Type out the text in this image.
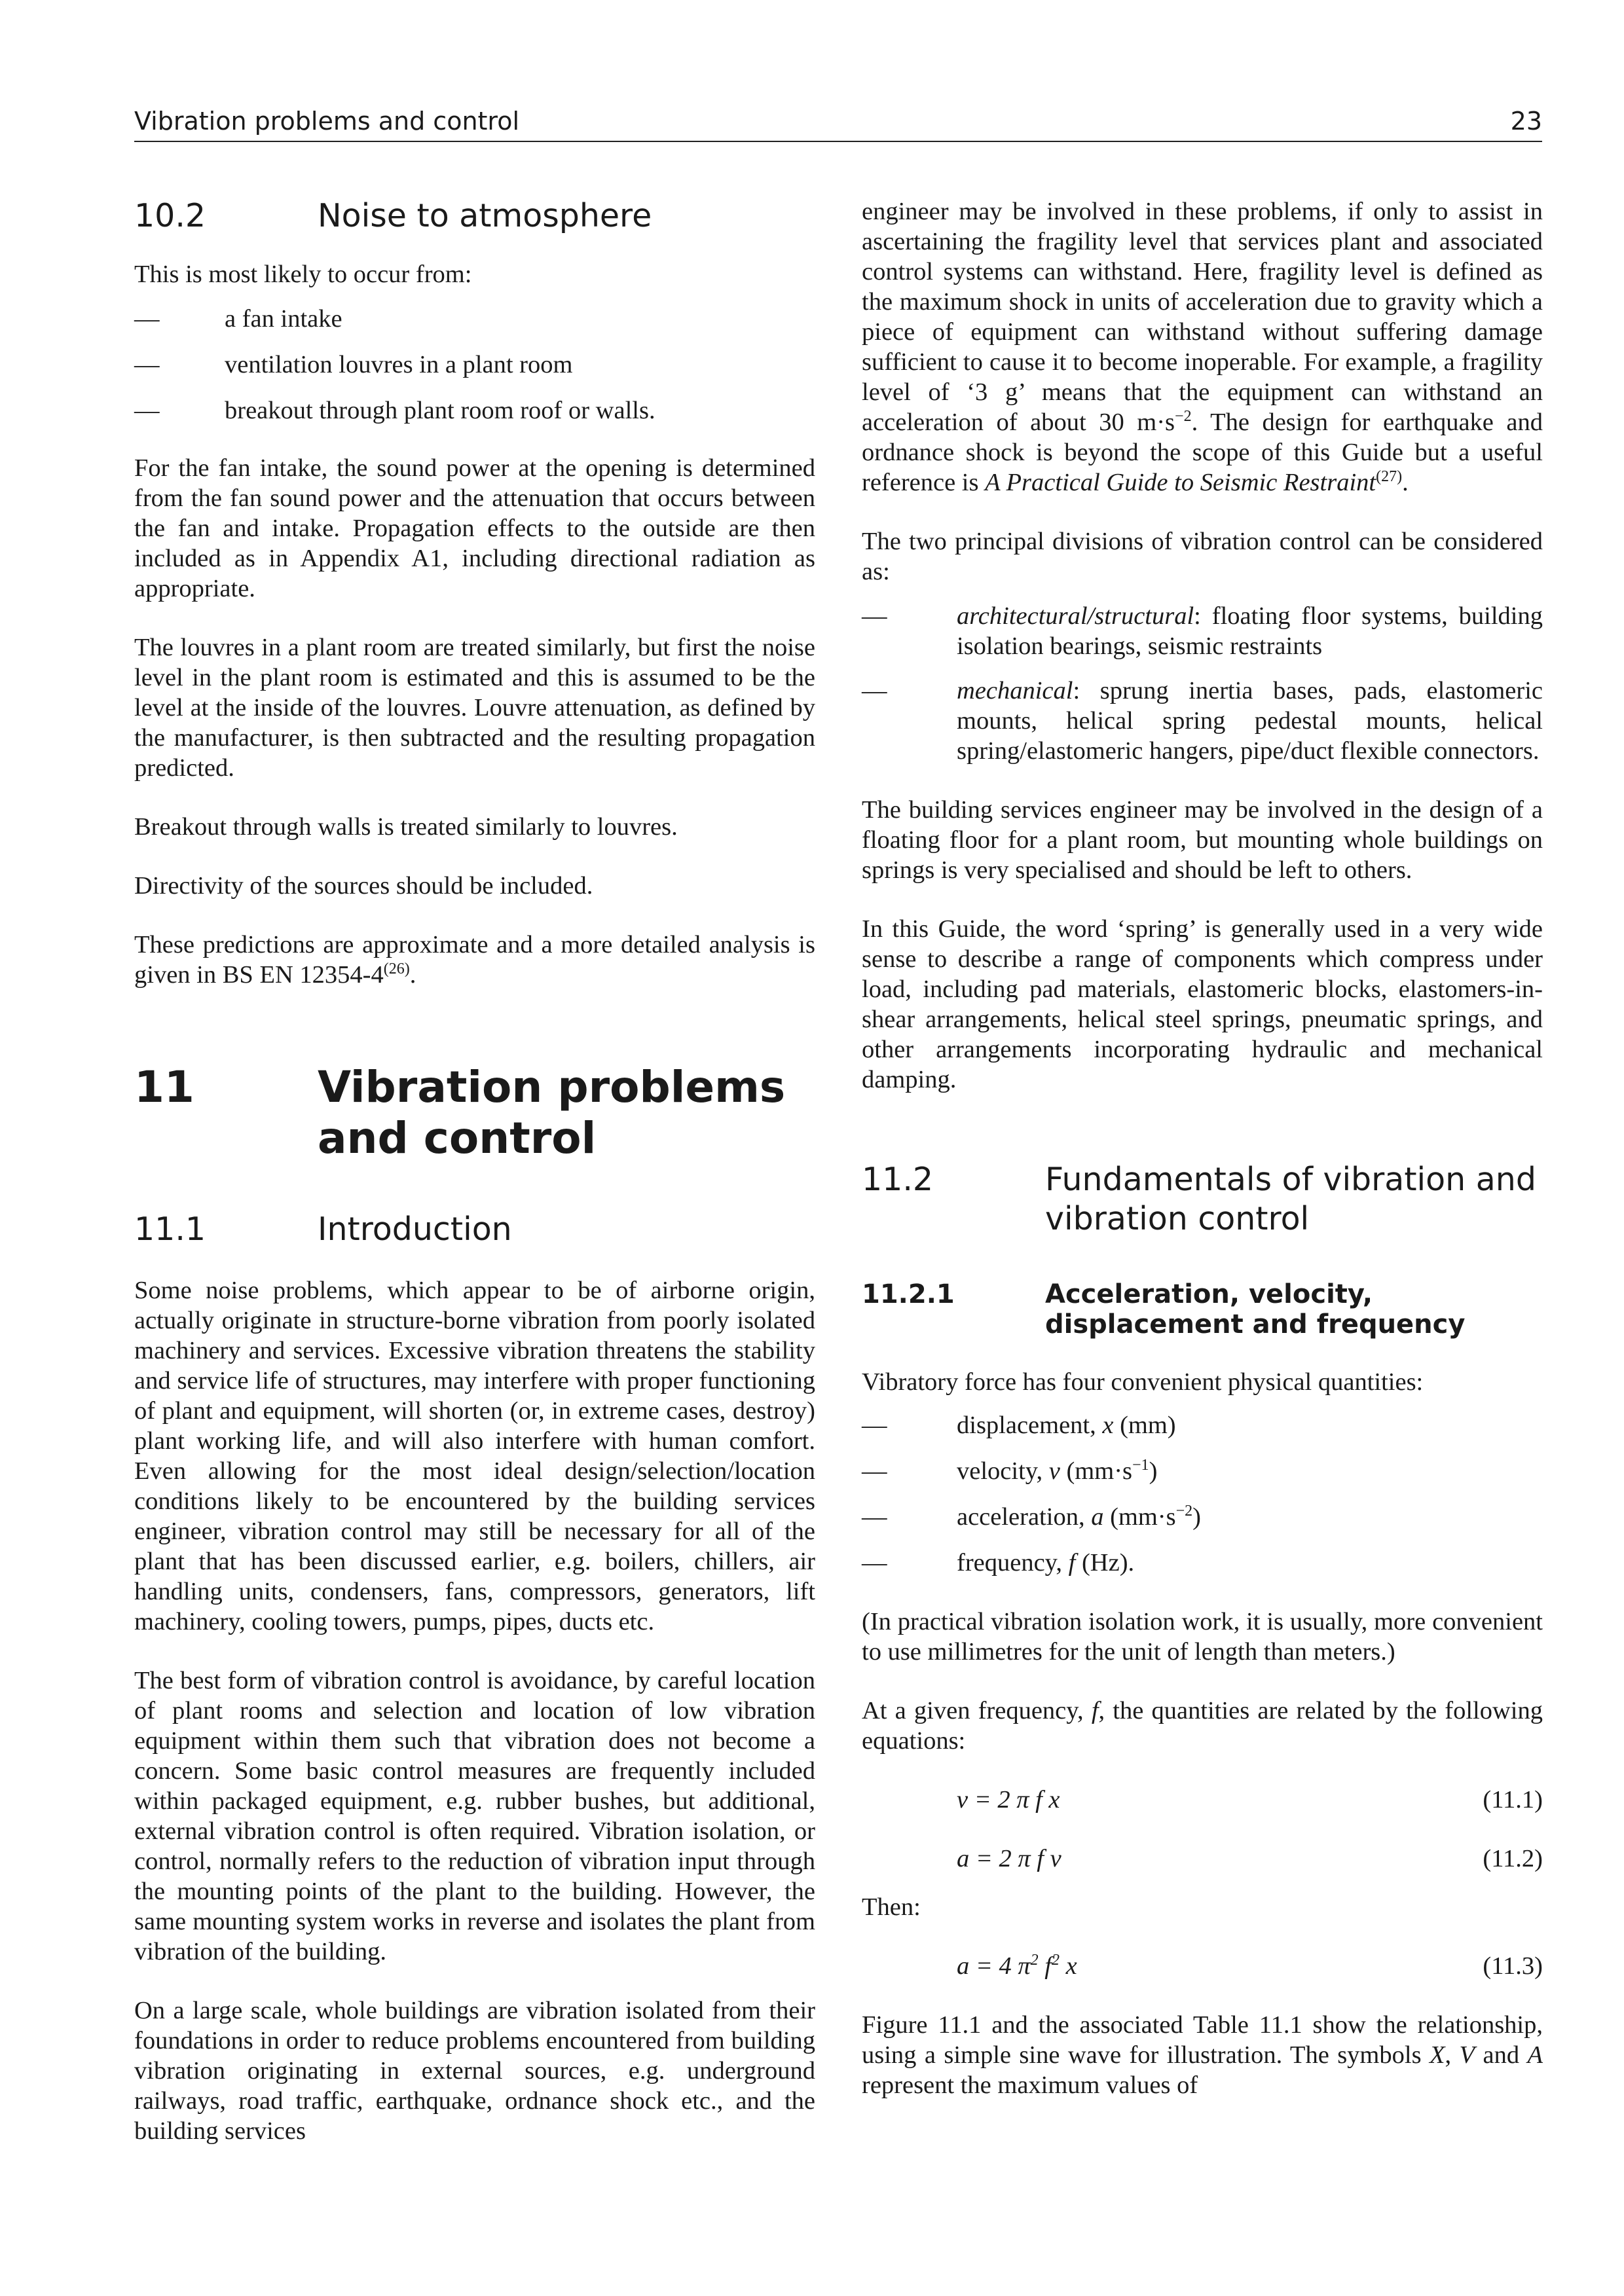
Vibration problems and control	23
10.2	Noise to atmosphere

This is most likely to occur from:

—	a fan intake
—	ventilation louvres in a plant room
—	breakout through plant room roof or walls.

For the fan intake, the sound power at the opening is determined from the fan sound power and the attenuation that occurs between the fan and intake. Propagation effects to the outside are then included as in Appendix A1, including directional radiation as appropriate.

The louvres in a plant room are treated similarly, but first the noise level in the plant room is estimated and this is assumed to be the level at the inside of the louvres. Louvre attenuation, as defined by the manufacturer, is then subtracted and the resulting propagation predicted.

Breakout through walls is treated similarly to louvres.

Directivity of the sources should be included.

These predictions are approximate and a more detailed analysis is given in BS EN 12354-4$^{(26)}$.

11	Vibration problems and control
11.1	Introduction

Some noise problems, which appear to be of airborne origin, actually originate in structure-borne vibration from poorly isolated machinery and services. Excessive vibration threatens the stability and service life of structures, may interfere with proper functioning of plant and equipment, will shorten (or, in extreme cases, destroy) plant working life, and will also interfere with human comfort. Even allowing for the most ideal design/selection/location conditions likely to be encountered by the building services engineer, vibration control may still be necessary for all of the plant that has been discussed earlier, e.g. boilers, chillers, air handling units, condensers, fans, compressors, generators, lift machinery, cooling towers, pumps, pipes, ducts etc.

The best form of vibration control is avoidance, by careful location of plant rooms and selection and location of low vibration equipment within them such that vibration does not become a concern. Some basic control measures are frequently included within packaged equipment, e.g. rubber bushes, but additional, external vibration control is often required. Vibration isolation, or control, normally refers to the reduction of vibration input through the mounting points of the plant to the building. However, the same mounting system works in reverse and isolates the plant from vibration of the building.

On a large scale, whole buildings are vibration isolated from their foundations in order to reduce problems encountered from building vibration originating in external sources, e.g. underground railways, road traffic, earthquake, ordnance shock etc., and the building services

engineer may be involved in these problems, if only to assist in ascertaining the fragility level that services plant and associated control systems can withstand. Here, fragility level is defined as the maximum shock in units of acceleration due to gravity which a piece of equipment can withstand without suffering damage sufficient to cause it to become inoperable. For example, a fragility level of ‘3 g’ means that the equipment can withstand an acceleration of about 30 $m\cdot s^{-2}$. The design for earthquake and ordnance shock is beyond the scope of this Guide but a useful reference is A Practical Guide to Seismic Restraint$^{(27)}$.

The two principal divisions of vibration control can be considered as:

—	architectural/structural: floating floor systems, building isolation bearings, seismic restraints
—	mechanical: sprung inertia bases, pads, elastomeric mounts, helical spring pedestal mounts, helical spring/elastomeric hangers, pipe/duct flexible connectors.

The building services engineer may be involved in the design of a floating floor for a plant room, but mounting whole buildings on springs is very specialised and should be left to others.

In this Guide, the word ‘spring’ is generally used in a very wide sense to describe a range of components which compress under load, including pad materials, elastomeric blocks, elastomers-in-shear arrangements, helical steel springs, pneumatic springs, and other arrangements incorporating hydraulic and mechanical damping.

11.2	Fundamentals of vibration and vibration control
11.2.1	Acceleration, velocity, displacement and frequency

Vibratory force has four convenient physical quantities:

—	displacement, x (mm)
—	velocity, v $(mm\cdot s^{-1})$
—	acceleration, a $(mm\cdot s^{-2})$
—	frequency, f (Hz).

(In practical vibration isolation work, it is usually, more convenient to use millimetres for the unit of length than meters.)

At a given frequency, f, the quantities are related by the following equations:

v = 2 π f x	(11.1)
a = 2 π f v	(11.2)

Then:

a = 4 $\pi^2$ $f^2$ x	(11.3)

Figure 11.1 and the associated Table 11.1 show the relationship, using a simple sine wave for illustration. The symbols X, V and A represent the maximum values of
